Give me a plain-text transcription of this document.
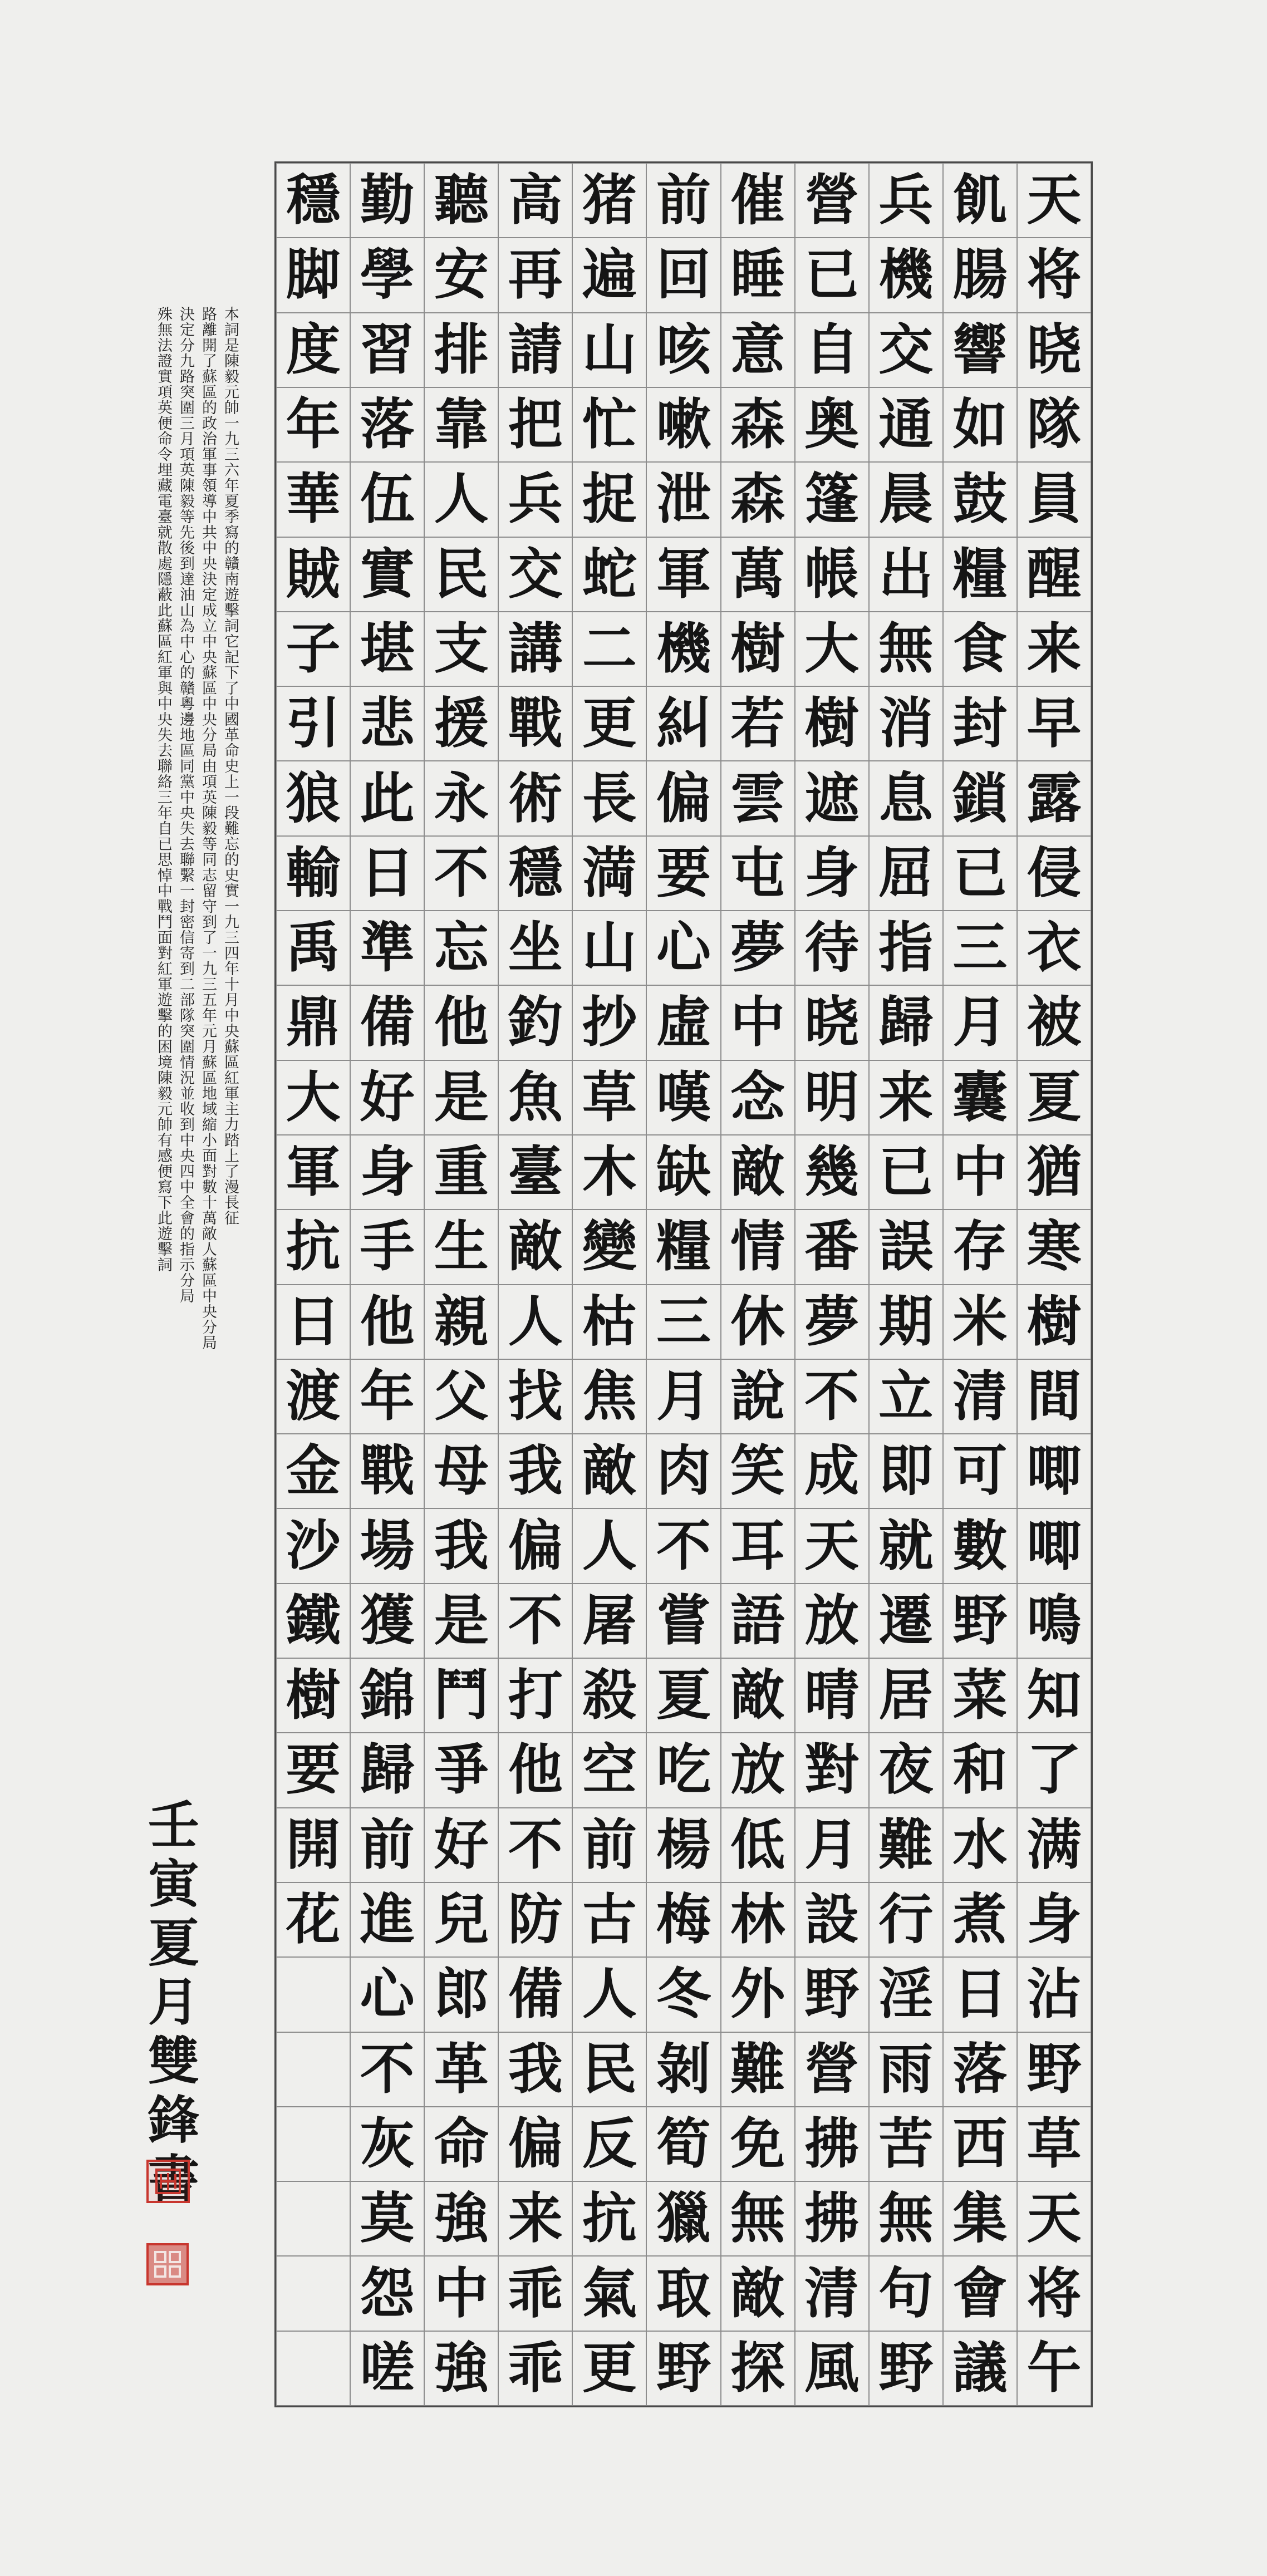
穩 勤 聽 高 猪 前 催 營 兵 飢 天
脚 學 安 再 遍 回 睡 已 機 腸 将
度 習 排 請 山 咳 意 自 交 響 晓
年 落 靠 把 忙 嗽 森 奥 通 如 隊
華 伍 人 兵 捉 泄 森 篷 晨 鼓 員
賊 實 民 交 蛇 軍 萬 帳 出 糧 醒
子 堪 支 講 二 機 樹 大 無 食 来
引 悲 援 戰 更 糾 若 樹 消 封 早
狼 此 永 術 長 偏 雲 遮 息 鎖 露
輸 日 不 穩 満 要 屯 身 屈 已 侵
禹 準 忘 坐 山 心 夢 待 指 三 衣
鼎 備 他 釣 抄 虛 中 晓 歸 月 被
大 好 是 魚 草 嘆 念 明 来 囊 夏
軍 身 重 臺 木 缺 敵 幾 已 中 猶
抗 手 生 敵 變 糧 情 番 誤 存 寒
日 他 親 人 枯 三 休 夢 期 米 樹
渡 年 父 找 焦 月 說 不 立 清 間
金 戰 母 我 敵 肉 笑 成 即 可 唧
沙 場 我 偏 人 不 耳 天 就 數 唧
鐵 獲 是 不 屠 嘗 語 放 遷 野 鳴
樹 錦 鬥 打 殺 夏 敵 晴 居 菜 知
要 歸 爭 他 空 吃 放 對 夜 和 了
開 前 好 不 前 楊 低 月 難 水 满
花 進 兒 防 古 梅 林 設 行 煮 身
心 郎 備 人 冬 外 野 淫 日 沾
不 革 我 民 剝 難 營 雨 落 野
灰 命 偏 反 筍 免 拂 苦 西 草
莫 強 来 抗 獵 無 拂 無 集 天
怨 中 乖 氣 取 敵 清 句 會 将
嗟 強 乖 更 野 探 風 野 議 午
本詞是陳毅元帥一九三六年夏季寫的贛南遊擊詞它記下了中國革命史上一段難忘的史實一九三四年十月中央蘇區紅軍主力踏上了漫長征
路離開了蘇區的政治軍事領導中共中央決定成立中央蘇區中央分局由項英陳毅等同志留守到了一九三五年元月蘇區地域縮小面對數十萬敵人蘇區中央分局
決定分九路突圍三月項英陳毅等先後到達油山為中心的贛粵邊地區同黨中央失去聯繫一封密信寄到二部隊突圍情況並收到中央四中全會的指示分局
殊無法證實項英便命令埋藏電臺就散處隱蔽此蘇區紅軍與中央失去聯絡三年自已思悼中戰鬥面對紅軍遊擊的困境陳毅元帥有感便寫下此遊擊詞
壬寅夏月雙鋒書
